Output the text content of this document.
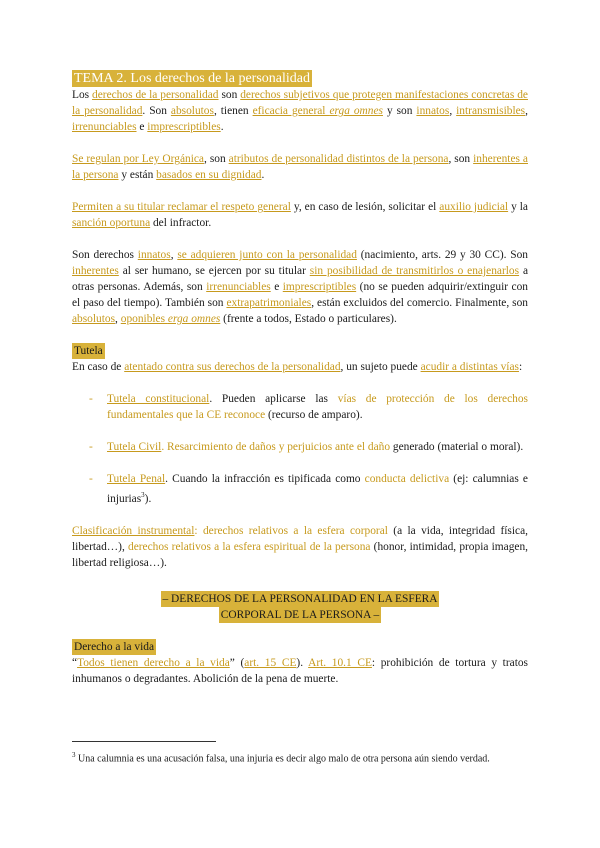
TEMA 2. Los derechos de la personalidad

Los derechos de la personalidad son derechos subjetivos que protegen manifestaciones concretas de la personalidad. Son absolutos, tienen eficacia general erga omnes y son innatos, intransmisibles, irrenunciables e imprescriptibles.

Se regulan por Ley Orgánica, son atributos de personalidad distintos de la persona, son inherentes a la persona y están basados en su dignidad.

Permiten a su titular reclamar el respeto general y, en caso de lesión, solicitar el auxilio judicial y la sanción oportuna del infractor.

Son derechos innatos, se adquieren junto con la personalidad (nacimiento, arts. 29 y 30 CC). Son inherentes al ser humano, se ejercen por su titular sin posibilidad de transmitirlos o enajenarlos a otras personas. Además, son irrenunciables e imprescriptibles (no se pueden adquirir/extinguir con el paso del tiempo). También son extrapatrimoniales, están excluidos del comercio. Finalmente, son absolutos, oponibles erga omnes (frente a todos, Estado o particulares).

Tutela

En caso de atentado contra sus derechos de la personalidad, un sujeto puede acudir a distintas vías:

- Tutela constitucional. Pueden aplicarse las vías de protección de los derechos fundamentales que la CE reconoce (recurso de amparo).
- Tutela Civil. Resarcimiento de daños y perjuicios ante el daño generado (material o moral).
- Tutela Penal. Cuando la infracción es tipificada como conducta delictiva (ej: calumnias e injurias$^3$).

Clasificación instrumental: derechos relativos a la esfera corporal (a la vida, integridad física, libertad…), derechos relativos a la esfera espiritual de la persona (honor, intimidad, propia imagen, libertad religiosa…).

– DERECHOS DE LA PERSONALIDAD EN LA ESFERA
CORPORAL DE LA PERSONA –
Derecho a la vida

“Todos tienen derecho a la vida” (art. 15 CE). Art. 10.1 CE: prohibición de tortura y tratos inhumanos o degradantes. Abolición de la pena de muerte.

$^3$ Una calumnia es una acusación falsa, una injuria es decir algo malo de otra persona aún siendo verdad.
